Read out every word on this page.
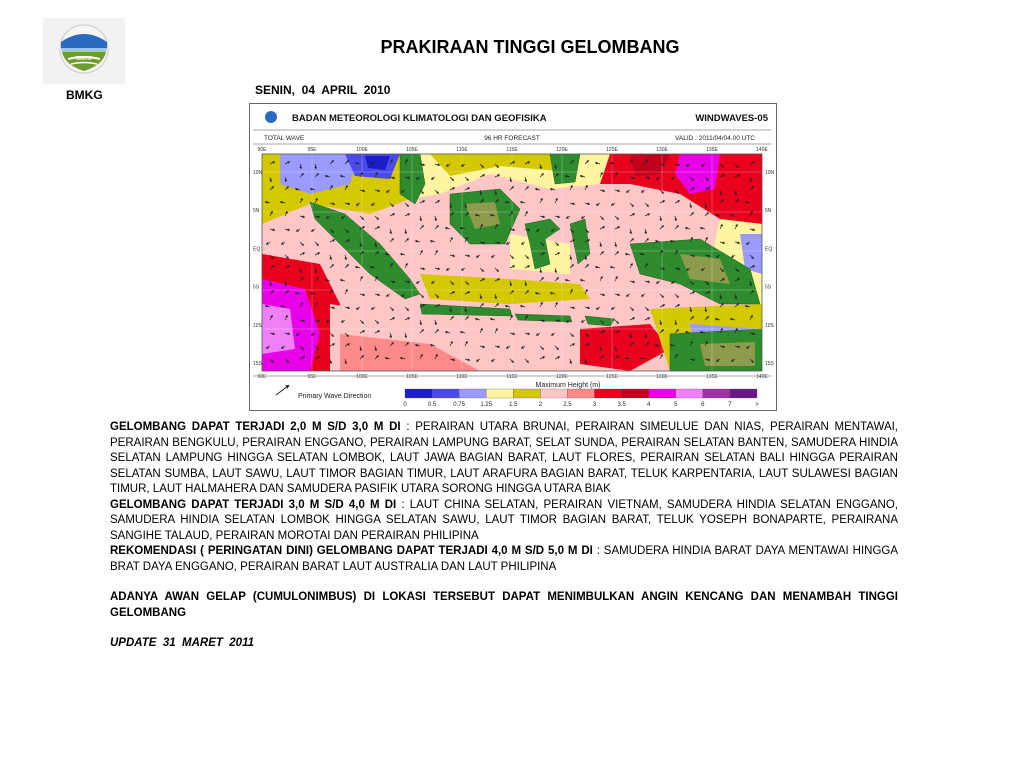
BMKG
BMKG
PRAKIRAAN TINGGI GELOMBANG
SENIN,  04  APRIL  2010
BADAN METEOROLOGI KLIMATOLOGI DAN GEOFISIKA	WINDWAVES-05
TOTAL WAVE	96 HR FORECAST	VALID : 2011/04/04.00 UTC
90E	95E	100E	105E	110E	115E	120E	125E	130E	135E	140E
90E	95E	100E	105E	110E	115E	120E	125E	130E	135E	140E
10N
5N
EQ
5S
10S
15S
10N
5N
EQ
5S
10S
15S
Primary Wave Direction
Maximum Height (m)
0	0.5	0.75	1.25	1.5	2	2.5	3	3.5	4	5	6	7	>

GELOMBANG DAPAT TERJADI 2,0 M S/D 3,0 M DI : PERAIRAN UTARA BRUNAI, PERAIRAN SIMEULUE DAN NIAS, PERAIRAN MENTAWAI, PERAIRAN BENGKULU, PERAIRAN ENGGANO, PERAIRAN LAMPUNG BARAT, SELAT SUNDA, PERAIRAN SELATAN BANTEN, SAMUDERA HINDIA SELATAN LAMPUNG HINGGA SELATAN LOMBOK, LAUT JAWA BAGIAN BARAT, LAUT FLORES, PERAIRAN SELATAN BALI HINGGA PERAIRAN SELATAN SUMBA, LAUT SAWU, LAUT TIMOR BAGIAN TIMUR, LAUT ARAFURA BAGIAN BARAT, TELUK KARPENTARIA, LAUT SULAWESI BAGIAN TIMUR, LAUT HALMAHERA DAN SAMUDERA PASIFIK UTARA SORONG HINGGA UTARA BIAK

GELOMBANG DAPAT TERJADI 3,0 M S/D 4,0 M DI : LAUT CHINA SELATAN, PERAIRAN VIETNAM, SAMUDERA HINDIA SELATAN ENGGANO, SAMUDERA HINDIA SELATAN LOMBOK HINGGA SELATAN SAWU, LAUT TIMOR BAGIAN BARAT, TELUK YOSEPH BONAPARTE, PERAIRANA SANGIHE TALAUD, PERAIRAN MOROTAI DAN PERAIRAN PHILIPINA

REKOMENDASI ( PERINGATAN DINI) GELOMBANG DAPAT TERJADI 4,0 M S/D 5,0 M DI : SAMUDERA HINDIA BARAT DAYA MENTAWAI HINGGA BRAT DAYA ENGGANO, PERAIRAN BARAT LAUT AUSTRALIA DAN LAUT PHILIPINA

ADANYA AWAN GELAP (CUMULONIMBUS) DI LOKASI TERSEBUT DAPAT MENIMBULKAN ANGIN KENCANG DAN MENAMBAH TINGGI GELOMBANG

UPDATE  31  MARET  2011
